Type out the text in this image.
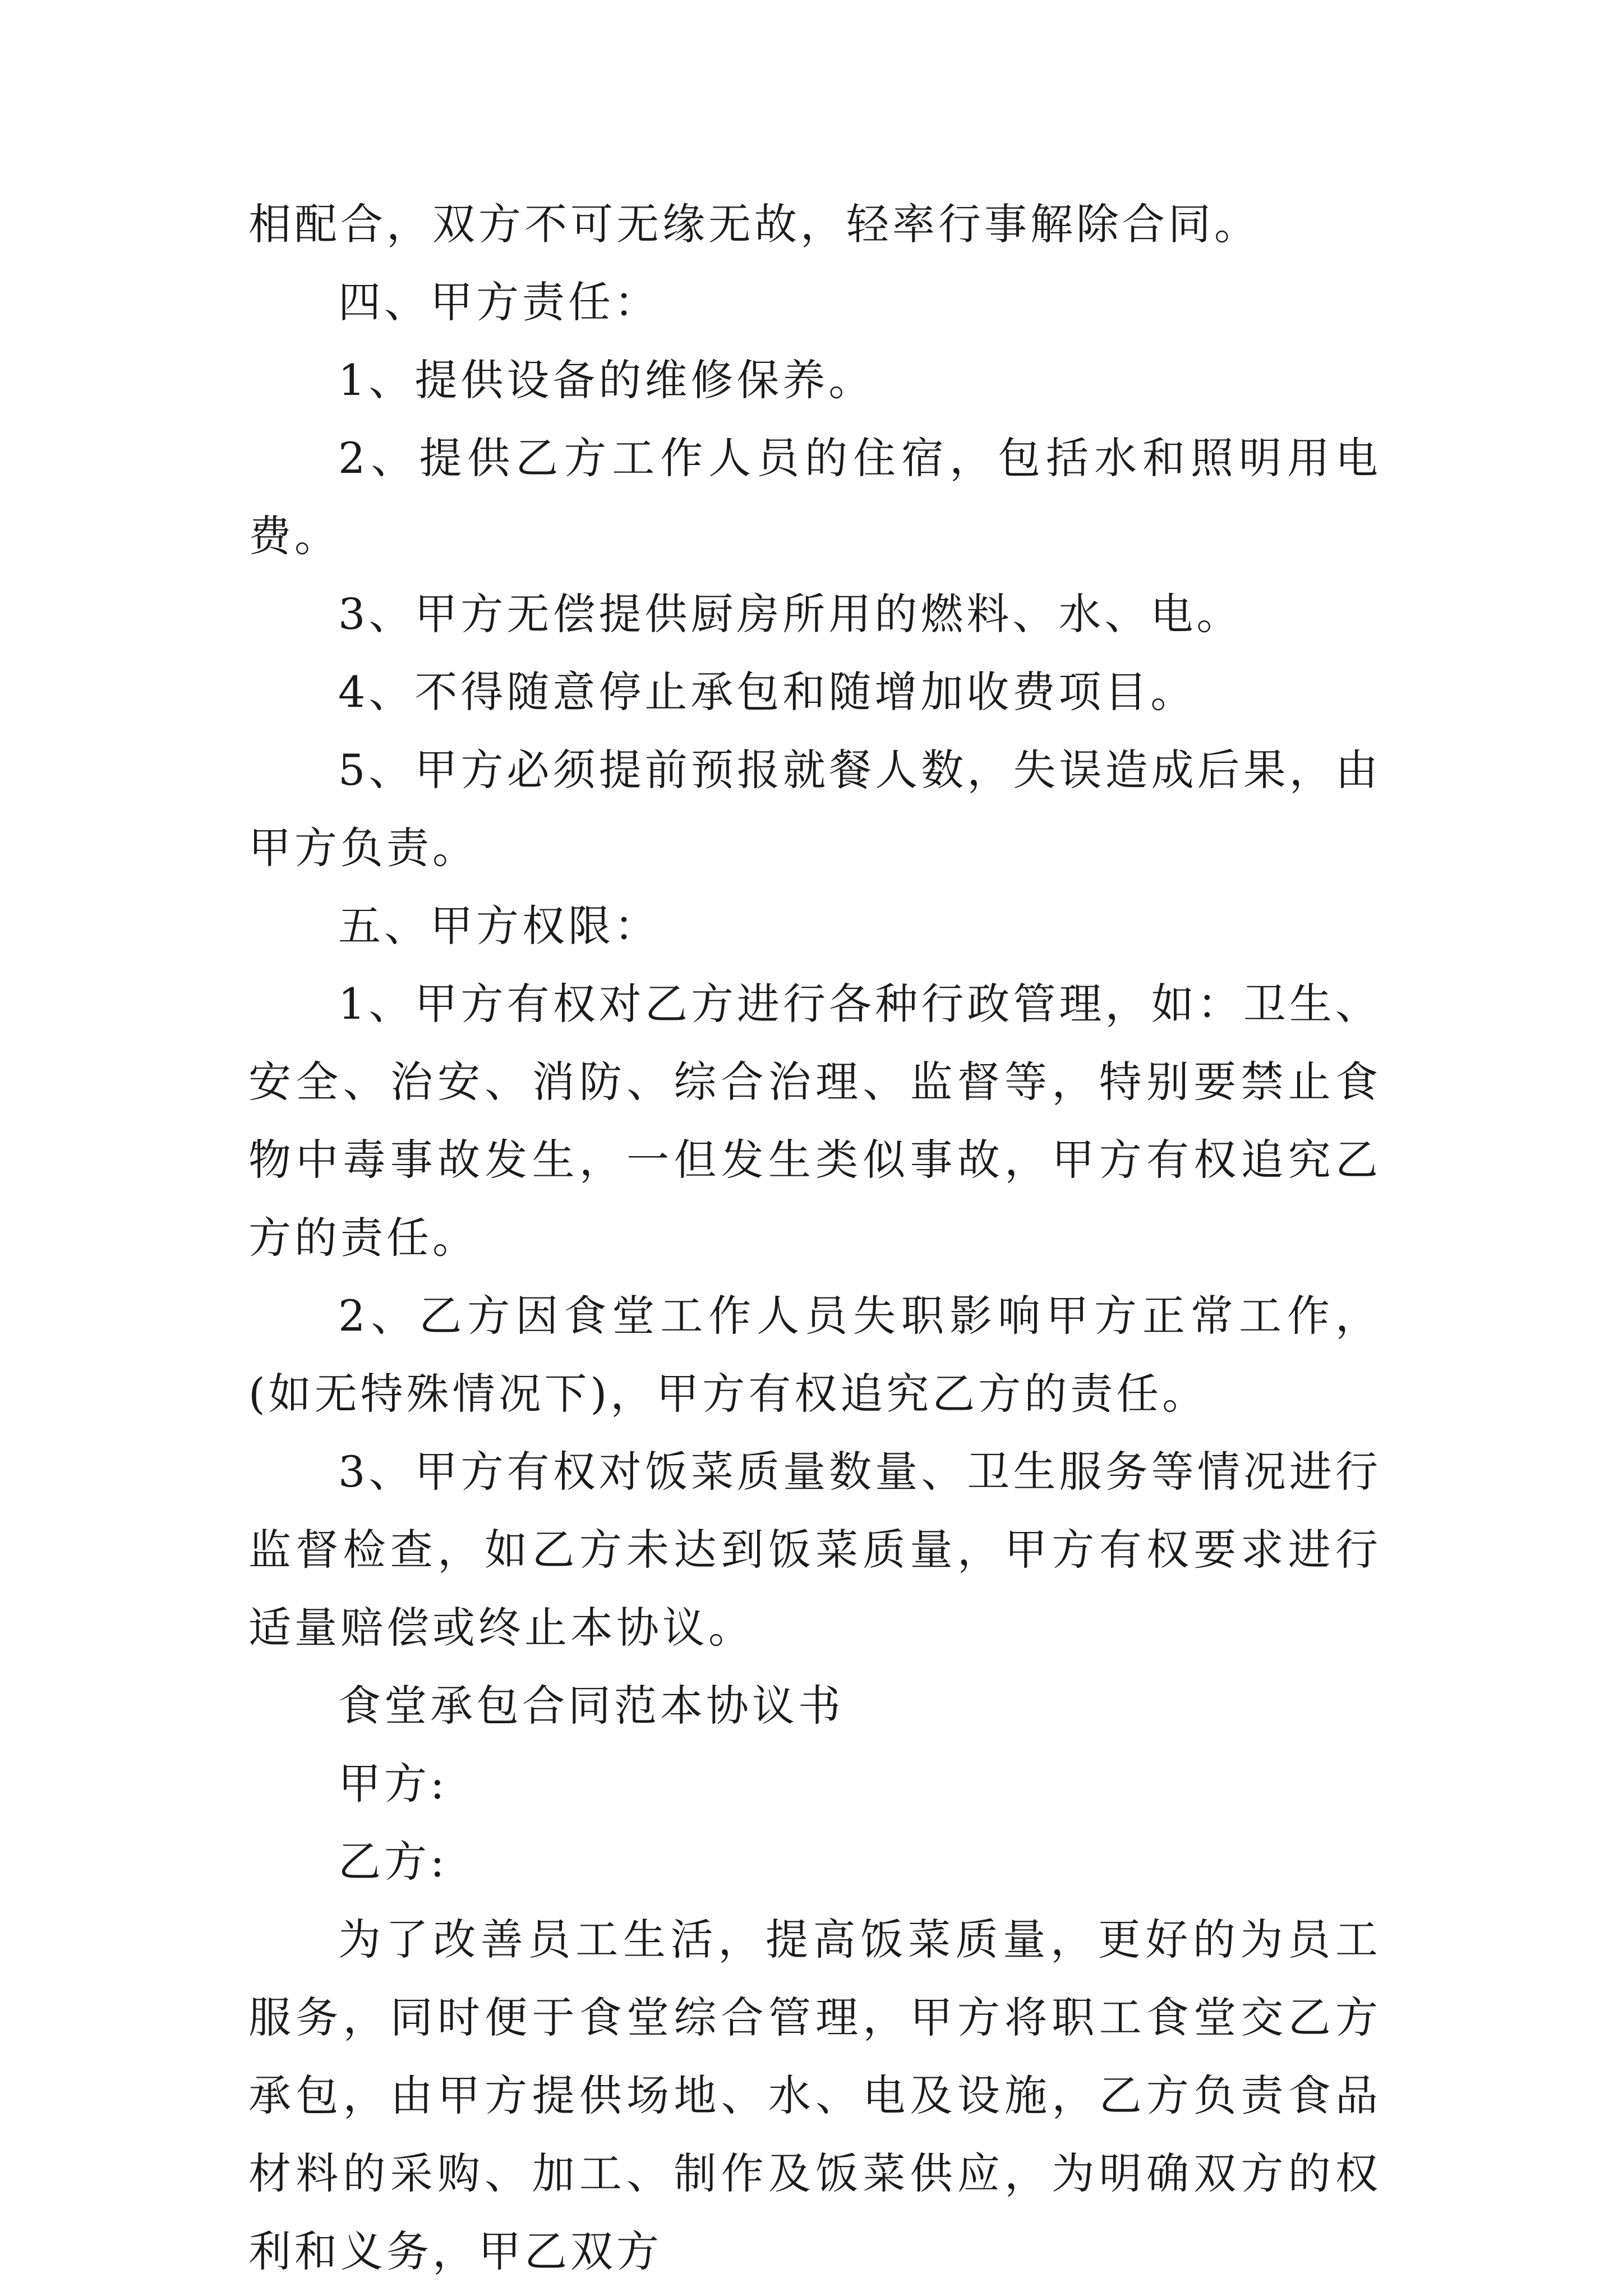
相配合，双方不可无缘无故，轻率行事解除合同。

四、甲方责任：

1、提供设备的维修保养。

2、提供乙方工作人员的住宿，包括水和照明用电费。

3、甲方无偿提供厨房所用的燃料、水、电。

4、不得随意停止承包和随增加收费项目。

5、甲方必须提前预报就餐人数，失误造成后果，由甲方负责。

五、甲方权限：

1、甲方有权对乙方进行各种行政管理，如：卫生、安全、治安、消防、综合治理、监督等，特别要禁止食物中毒事故发生，一但发生类似事故，甲方有权追究乙方的责任。

2、乙方因食堂工作人员失职影响甲方正常工作，(如无特殊情况下)，甲方有权追究乙方的责任。

3、甲方有权对饭菜质量数量、卫生服务等情况进行监督检查，如乙方未达到饭菜质量，甲方有权要求进行适量赔偿或终止本协议。

食堂承包合同范本协议书

甲方:

乙方:

为了改善员工生活，提高饭菜质量，更好的为员工服务，同时便于食堂综合管理，甲方将职工食堂交乙方承包，由甲方提供场地、水、电及设施，乙方负责食品材料的采购、加工、制作及饭菜供应，为明确双方的权利和义务，甲乙双方
